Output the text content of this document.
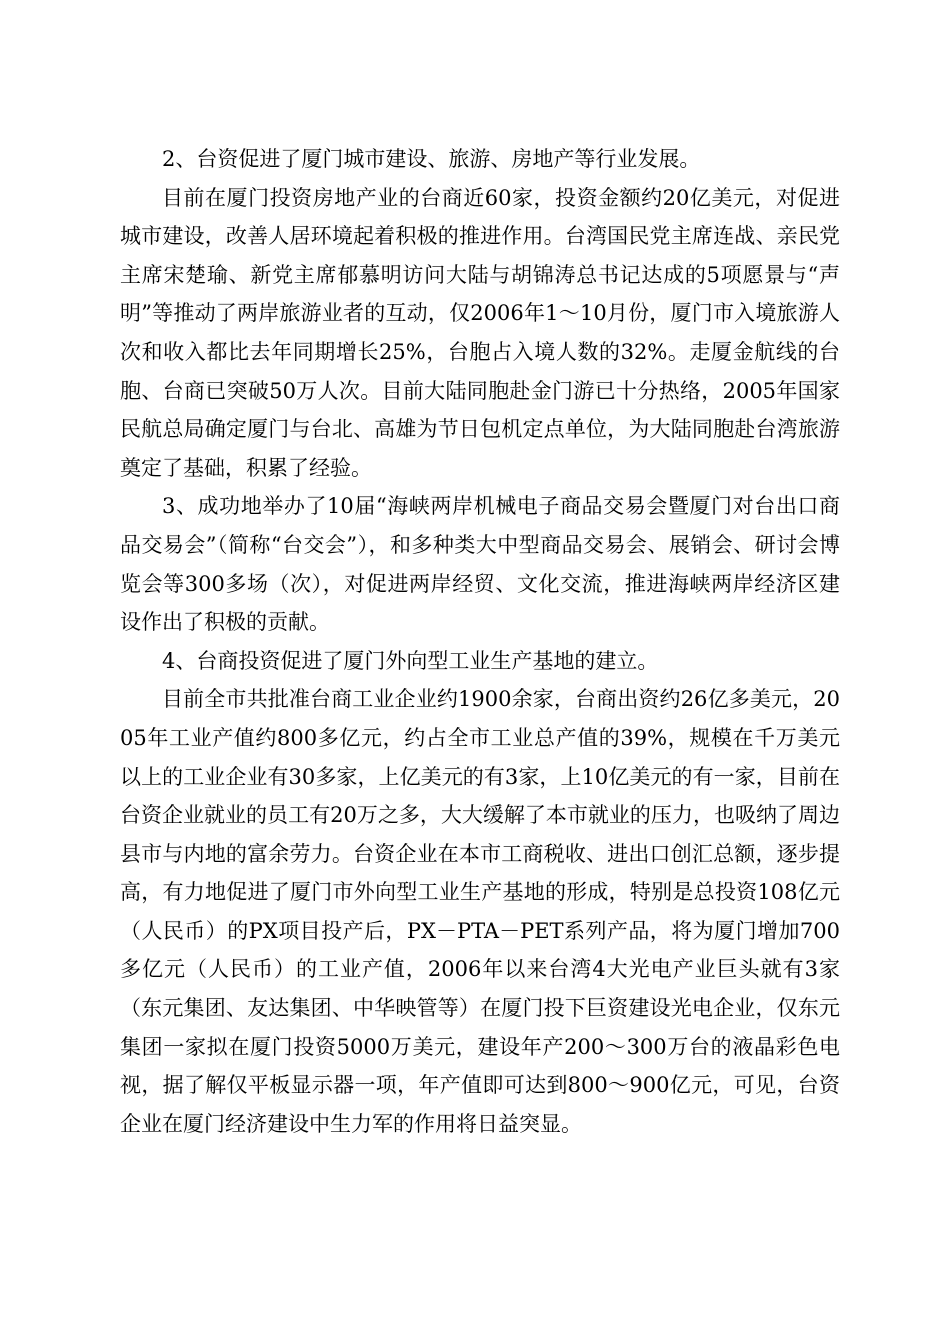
2、台资促进了厦门城市建设、旅游、房地产等行业发展。

目前在厦门投资房地产业的台商近60家，投资金额约20亿美元，对促进城市建设，改善人居环境起着积极的推进作用。台湾国民党主席连战、亲民党主席宋楚瑜、新党主席郁慕明访问大陆与胡锦涛总书记达成的5项愿景与“声明”等推动了两岸旅游业者的互动，仅2006年1～10月份，厦门市入境旅游人次和收入都比去年同期增长25%，台胞占入境人数的32%。走厦金航线的台胞、台商已突破50万人次。目前大陆同胞赴金门游已十分热络，2005年国家民航总局确定厦门与台北、高雄为节日包机定点单位，为大陆同胞赴台湾旅游奠定了基础，积累了经验。

3、成功地举办了10届“海峡两岸机械电子商品交易会暨厦门对台出口商品交易会”（简称“台交会”），和多种类大中型商品交易会、展销会、研讨会博览会等300多场（次），对促进两岸经贸、文化交流，推进海峡两岸经济区建设作出了积极的贡献。

4、台商投资促进了厦门外向型工业生产基地的建立。

目前全市共批准台商工业企业约1900余家，台商出资约26亿多美元，2005年工业产值约800多亿元，约占全市工业总产值的39%，规模在千万美元以上的工业企业有30多家，上亿美元的有3家，上10亿美元的有一家，目前在台资企业就业的员工有20万之多，大大缓解了本市就业的压力，也吸纳了周边县市与内地的富余劳力。台资企业在本市工商税收、进出口创汇总额，逐步提高，有力地促进了厦门市外向型工业生产基地的形成，特别是总投资108亿元（人民币）的PX项目投产后，PX－PTA－PET系列产品，将为厦门增加700多亿元（人民币）的工业产值，2006年以来台湾4大光电产业巨头就有3家（东元集团、友达集团、中华映管等）在厦门投下巨资建设光电企业，仅东元集团一家拟在厦门投资5000万美元，建设年产200～300万台的液晶彩色电视，据了解仅平板显示器一项，年产值即可达到800～900亿元，可见，台资企业在厦门经济建设中生力军的作用将日益突显。
